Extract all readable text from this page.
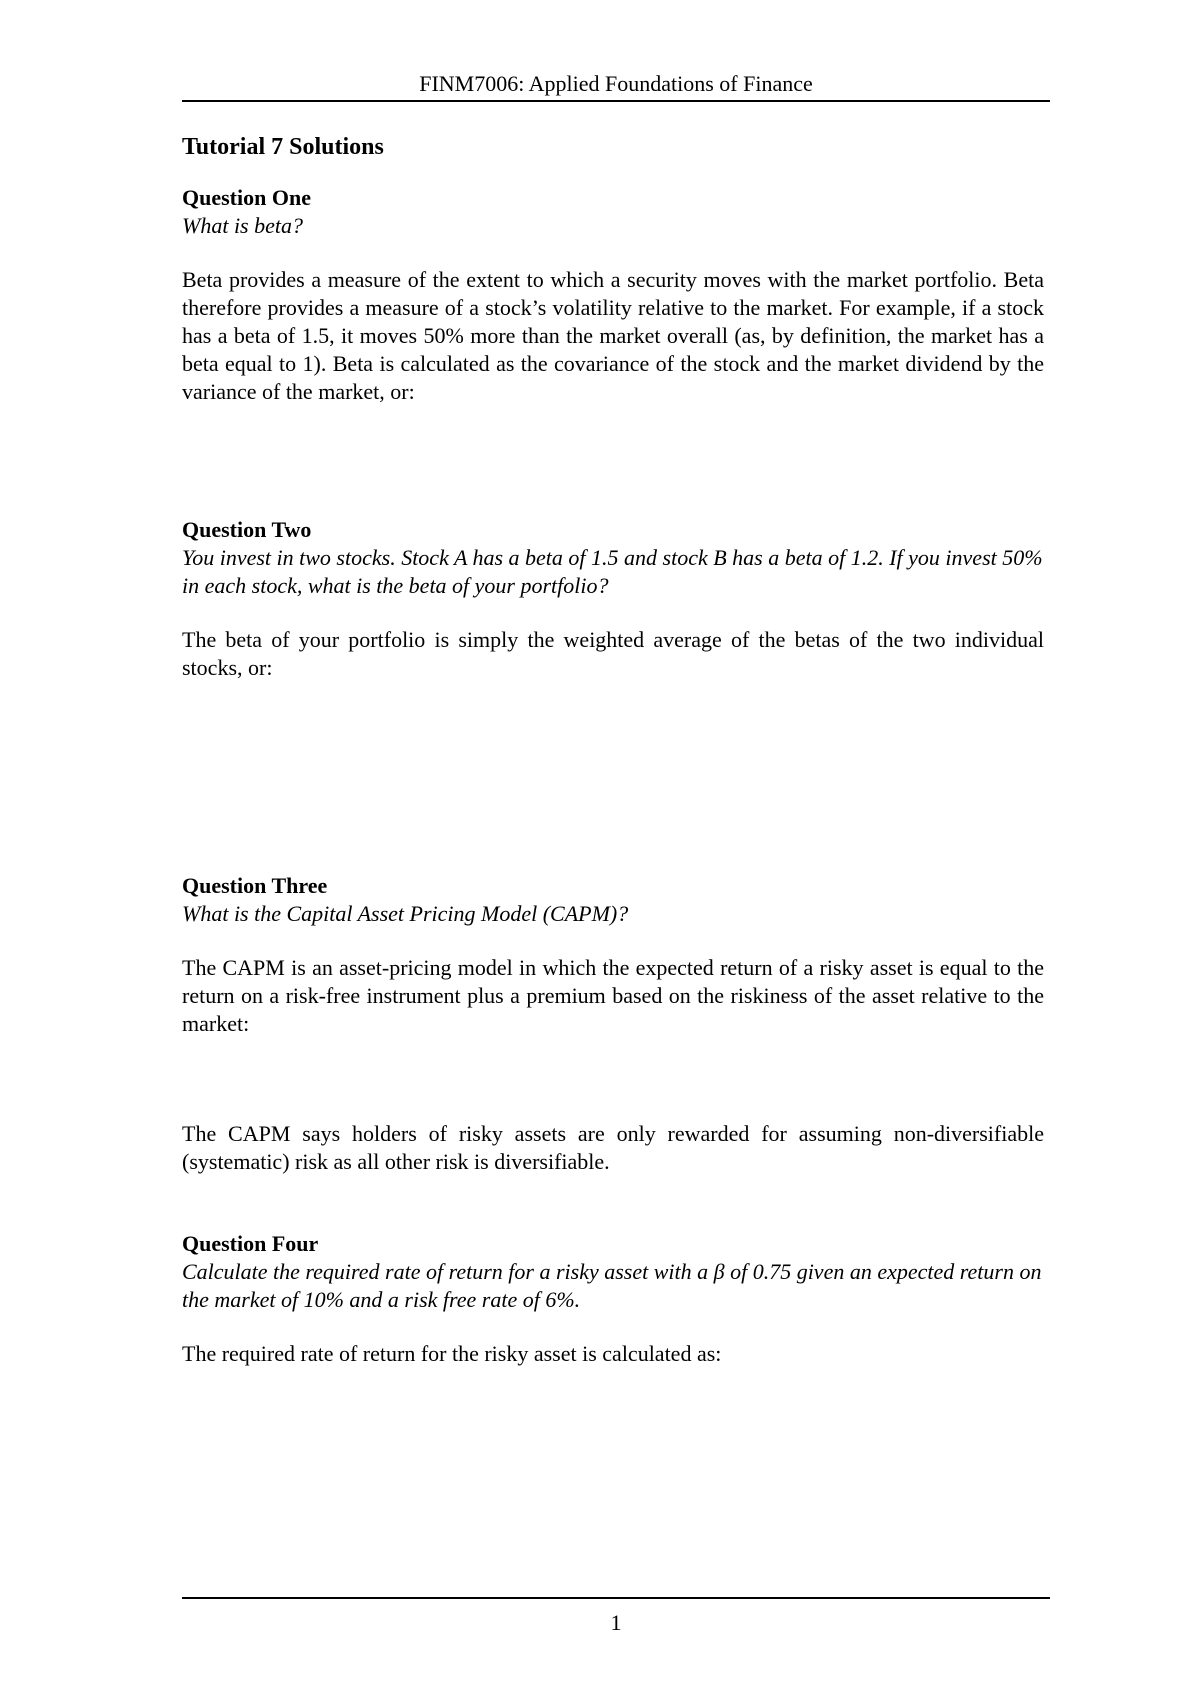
FINM7006: Applied Foundations of Finance
Tutorial 7 Solutions

Question One

What is beta?

Beta provides a measure of the extent to which a security moves with the market portfolio. Beta therefore provides a measure of a stock’s volatility relative to the market. For example, if a stock has a beta of 1.5, it moves 50% more than the market overall (as, by definition, the market has a beta equal to 1). Beta is calculated as the covariance of the stock and the market dividend by the variance of the market, or:

Question Two

You invest in two stocks. Stock A has a beta of 1.5 and stock B has a beta of 1.2. If you invest 50% in each stock, what is the beta of your portfolio?

The beta of your portfolio is simply the weighted average of the betas of the two individual stocks, or:

Question Three

What is the Capital Asset Pricing Model (CAPM)?

The CAPM is an asset-pricing model in which the expected return of a risky asset is equal to the return on a risk-free instrument plus a premium based on the riskiness of the asset relative to the market:

The CAPM says holders of risky assets are only rewarded for assuming non-diversifiable (systematic) risk as all other risk is diversifiable.

Question Four

Calculate the required rate of return for a risky asset with a β of 0.75 given an expected return on the market of 10% and a risk free rate of 6%.

The required rate of return for the risky asset is calculated as:

1
